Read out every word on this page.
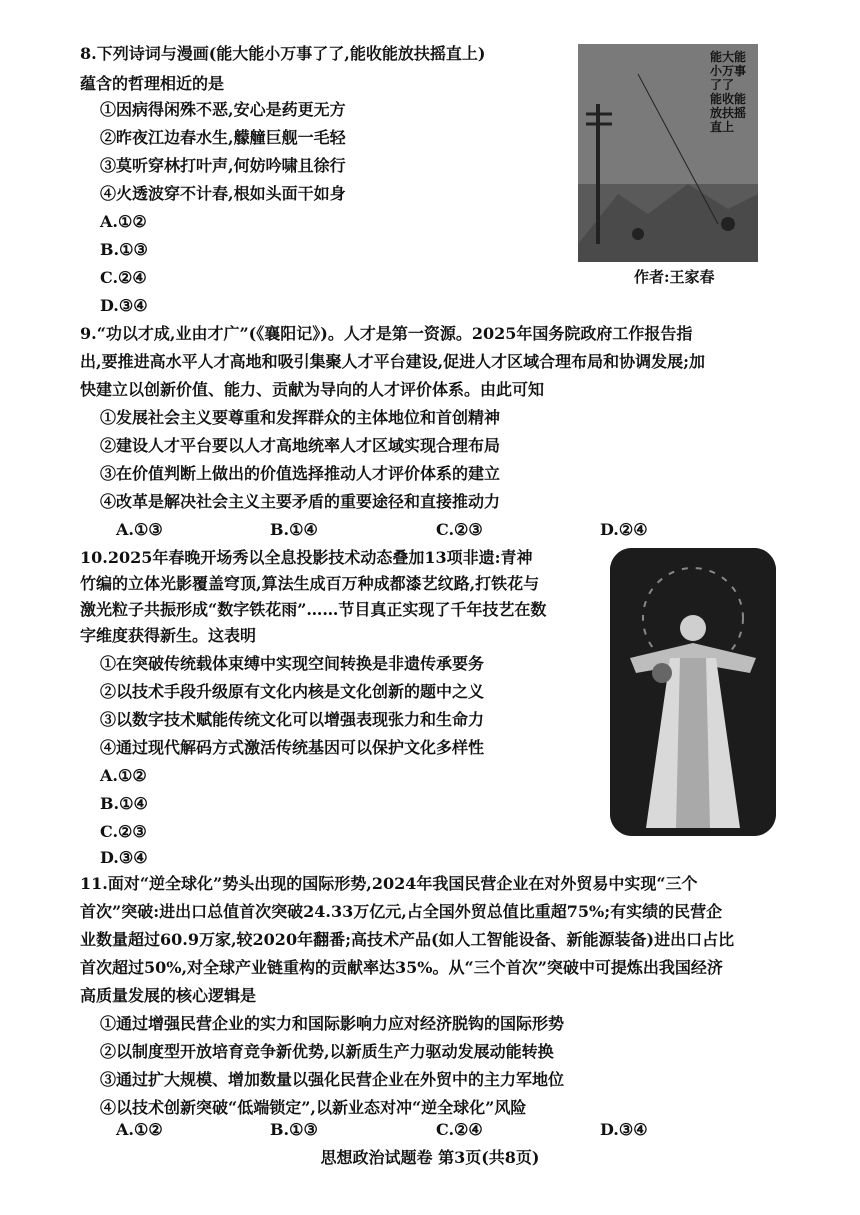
8.下列诗词与漫画(能大能小万事了了,能收能放扶摇直上)
蕴含的哲理相近的是
①因病得闲殊不恶,安心是药更无方
②昨夜江边春水生,艨艟巨舰一毛轻
③莫听穿林打叶声,何妨吟啸且徐行
④火透波穿不计春,根如头面干如身
A.①②
B.①③
C.②④
D.③④
能大能小万事了了 能收能放扶摇直上
作者:王家春
9.“功以才成,业由才广”(《襄阳记》)。人才是第一资源。2025年国务院政府工作报告指
出,要推进高水平人才高地和吸引集聚人才平台建设,促进人才区域合理布局和协调发展;加
快建立以创新价值、能力、贡献为导向的人才评价体系。由此可知
①发展社会主义要尊重和发挥群众的主体地位和首创精神
②建设人才平台要以人才高地统率人才区域实现合理布局
③在价值判断上做出的价值选择推动人才评价体系的建立
④改革是解决社会主义主要矛盾的重要途径和直接推动力
A.①③	B.①④	C.②③	D.②④
10.2025年春晚开场秀以全息投影技术动态叠加13项非遗:青神
竹编的立体光影覆盖穹顶,算法生成百万种成都漆艺纹路,打铁花与
激光粒子共振形成“数字铁花雨”……节目真正实现了千年技艺在数
字维度获得新生。这表明
①在突破传统载体束缚中实现空间转换是非遗传承要务
②以技术手段升级原有文化内核是文化创新的题中之义
③以数字技术赋能传统文化可以增强表现张力和生命力
④通过现代解码方式激活传统基因可以保护文化多样性
A.①②
B.①④
C.②③
D.③④
11.面对“逆全球化”势头出现的国际形势,2024年我国民营企业在对外贸易中实现“三个
首次”突破:进出口总值首次突破24.33万亿元,占全国外贸总值比重超75%;有实绩的民营企
业数量超过60.9万家,较2020年翻番;高技术产品(如人工智能设备、新能源装备)进出口占比
首次超过50%,对全球产业链重构的贡献率达35%。从“三个首次”突破中可提炼出我国经济
高质量发展的核心逻辑是
①通过增强民营企业的实力和国际影响力应对经济脱钩的国际形势
②以制度型开放培育竞争新优势,以新质生产力驱动发展动能转换
③通过扩大规模、增加数量以强化民营企业在外贸中的主力军地位
④以技术创新突破“低端锁定”,以新业态对冲“逆全球化”风险
A.①②	B.①③	C.②④	D.③④
思想政治试题卷 第3页(共8页)
